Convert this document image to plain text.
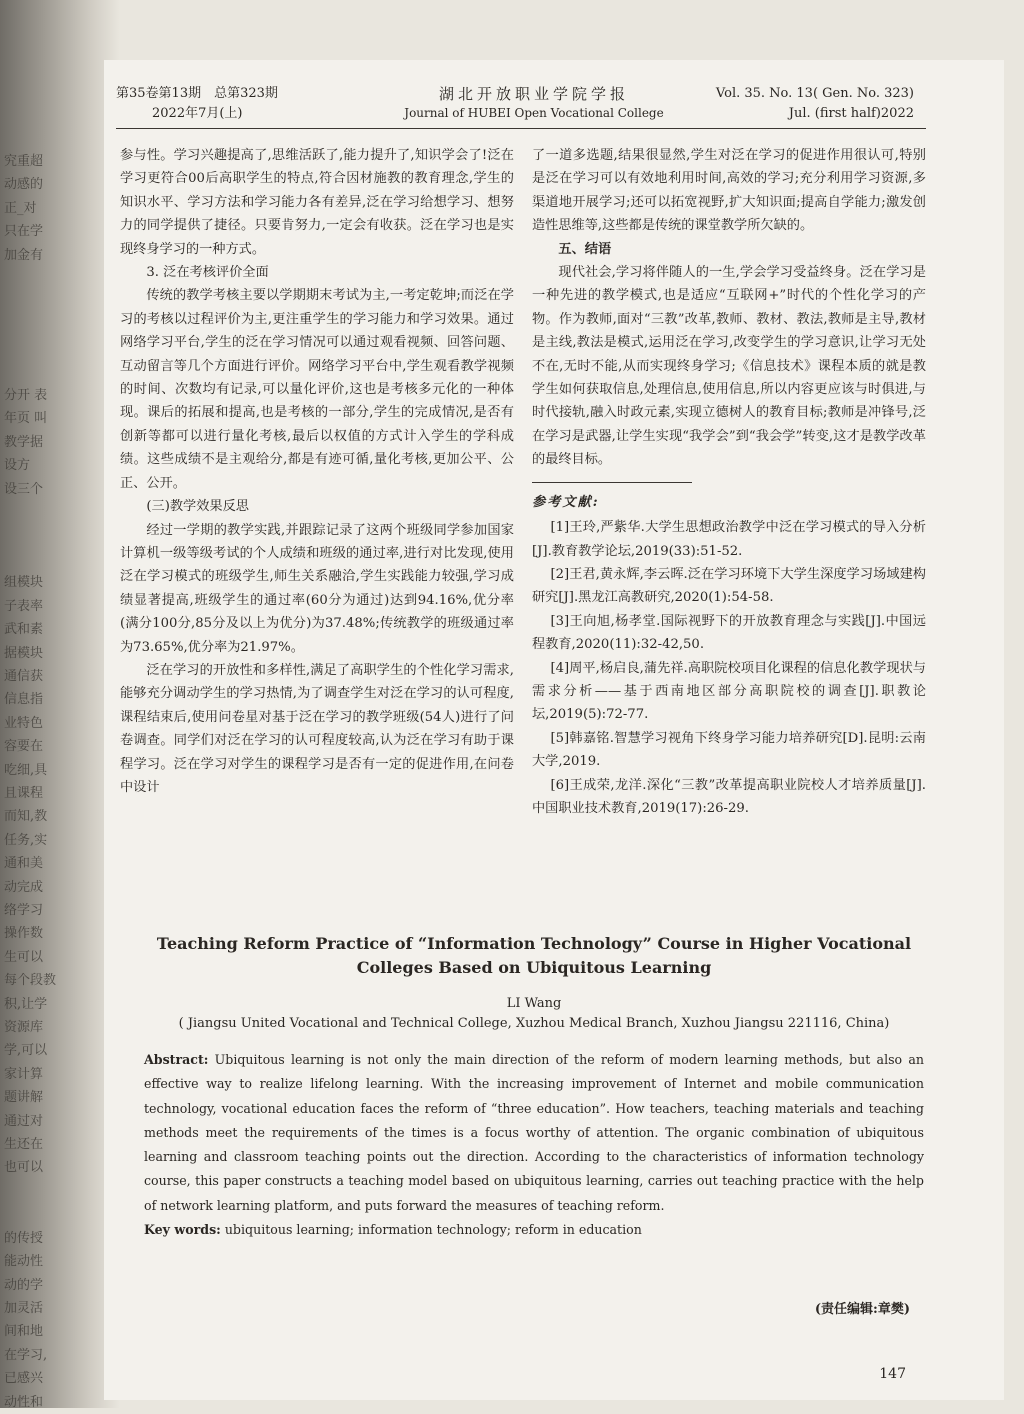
究重超
动感的
正_对
只在学
加金有

分开 表
年页 叫
教学据
设方
设三个

组模块
子表率
武和素
据模块
通信获
信息指
业特色
容要在
吃细,具
且课程
而知,教
任务,实
通和美
动完成
络学习
操作数
生可以
每个段教
积,让学
资源库
学,可以
家计算
题讲解
通过对
生还在
也可以

的传授
能动性
动的学
加灵活
间和地
在学习,
已感兴
动性和
第35卷第13期　总第323期
2022年7月(上)
湖北开放职业学院学报
Journal of HUBEI Open Vocational College
Vol. 35. No. 13( Gen. No. 323)
Jul. (first half)2022

参与性。学习兴趣提高了,思维活跃了,能力提升了,知识学会了!泛在学习更符合00后高职学生的特点,符合因材施教的教育理念,学生的知识水平、学习方法和学习能力各有差异,泛在学习给想学习、想努力的同学提供了捷径。只要肯努力,一定会有收获。泛在学习也是实现终身学习的一种方式。

3. 泛在考核评价全面

传统的教学考核主要以学期期末考试为主,一考定乾坤;而泛在学习的考核以过程评价为主,更注重学生的学习能力和学习效果。通过网络学习平台,学生的泛在学习情况可以通过观看视频、回答问题、互动留言等几个方面进行评价。网络学习平台中,学生观看教学视频的时间、次数均有记录,可以量化评价,这也是考核多元化的一种体现。课后的拓展和提高,也是考核的一部分,学生的完成情况,是否有创新等都可以进行量化考核,最后以权值的方式计入学生的学科成绩。这些成绩不是主观给分,都是有迹可循,量化考核,更加公平、公正、公开。

(三)教学效果反思

经过一学期的教学实践,并跟踪记录了这两个班级同学参加国家计算机一级等级考试的个人成绩和班级的通过率,进行对比发现,使用泛在学习模式的班级学生,师生关系融洽,学生实践能力较强,学习成绩显著提高,班级学生的通过率(60分为通过)达到94.16%,优分率(满分100分,85分及以上为优分)为37.48%;传统教学的班级通过率为73.65%,优分率为21.97%。

泛在学习的开放性和多样性,满足了高职学生的个性化学习需求,能够充分调动学生的学习热情,为了调查学生对泛在学习的认可程度,课程结束后,使用问卷星对基于泛在学习的教学班级(54人)进行了问卷调查。同学们对泛在学习的认可程度较高,认为泛在学习有助于课程学习。泛在学习对学生的课程学习是否有一定的促进作用,在问卷中设计

了一道多选题,结果很显然,学生对泛在学习的促进作用很认可,特别是泛在学习可以有效地利用时间,高效的学习;充分利用学习资源,多渠道地开展学习;还可以拓宽视野,扩大知识面;提高自学能力;激发创造性思维等,这些都是传统的课堂教学所欠缺的。

五、结语

现代社会,学习将伴随人的一生,学会学习受益终身。泛在学习是一种先进的教学模式,也是适应“互联网+”时代的个性化学习的产物。作为教师,面对“三教”改革,教师、教材、教法,教师是主导,教材是主线,教法是模式,运用泛在学习,改变学生的学习意识,让学习无处不在,无时不能,从而实现终身学习;《信息技术》课程本质的就是教学生如何获取信息,处理信息,使用信息,所以内容更应该与时俱进,与时代接轨,融入时政元素,实现立德树人的教育目标;教师是冲锋号,泛在学习是武器,让学生实现“我学会”到“我会学”转变,这才是教学改革的最终目标。

参考文献:

[1]王玲,严紫华.大学生思想政治教学中泛在学习模式的导入分析[J].教育教学论坛,2019(33):51-52.

[2]王君,黄永辉,李云晖.泛在学习环境下大学生深度学习场域建构研究[J].黑龙江高教研究,2020(1):54-58.

[3]王向旭,杨孝堂.国际视野下的开放教育理念与实践[J].中国远程教育,2020(11):32-42,50.

[4]周平,杨启良,蒲先祥.高职院校项目化课程的信息化教学现状与需求分析——基于西南地区部分高职院校的调查[J].职教论坛,2019(5):72-77.

[5]韩嘉铭.智慧学习视角下终身学习能力培养研究[D].昆明:云南大学,2019.

[6]王成荣,龙洋.深化“三教”改革提高职业院校人才培养质量[J].中国职业技术教育,2019(17):26-29.

Teaching Reform Practice of “Information Technology” Course in Higher Vocational
Colleges Based on Ubiquitous Learning
LI Wang
( Jiangsu United Vocational and Technical College, Xuzhou Medical Branch, Xuzhou Jiangsu 221116, China)
Abstract: Ubiquitous learning is not only the main direction of the reform of modern learning methods, but also an effective way to realize lifelong learning. With the increasing improvement of Internet and mobile communication technology, vocational education faces the reform of “three education”. How teachers, teaching materials and teaching methods meet the requirements of the times is a focus worthy of attention. The organic combination of ubiquitous learning and classroom teaching points out the direction. According to the characteristics of information technology course, this paper constructs a teaching model based on ubiquitous learning, carries out teaching practice with the help of network learning platform, and puts forward the measures of teaching reform.
Key words: ubiquitous learning; information technology; reform in education
(责任编辑:章樊)
147
